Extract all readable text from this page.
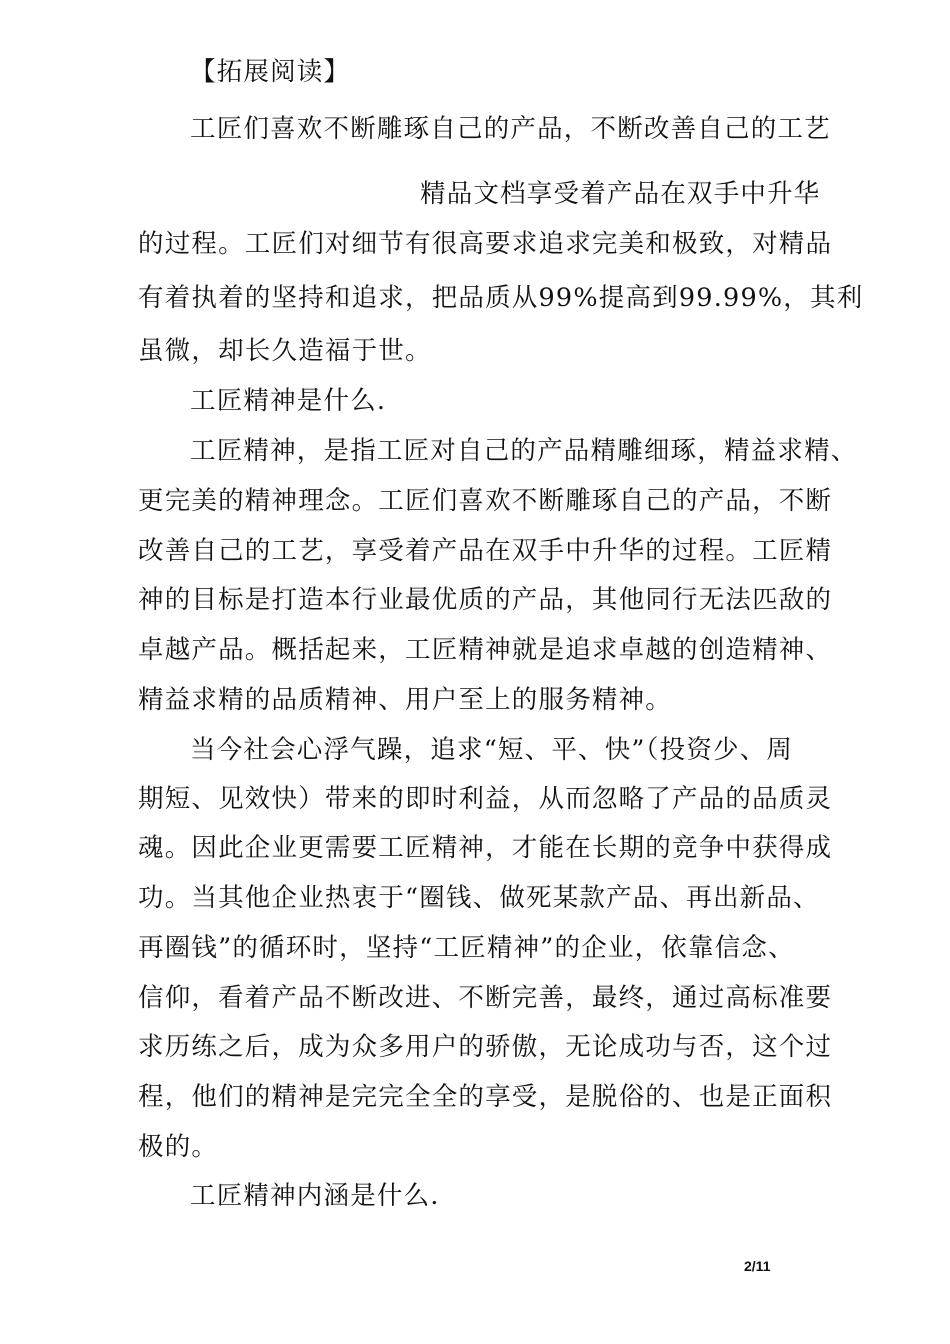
【拓展阅读】
工匠们喜欢不断雕琢自己的产品，不断改善自己的工艺
精品文档享受着产品在双手中升华
的过程。工匠们对细节有很高要求追求完美和极致，对精品
有着执着的坚持和追求，把品质从99%提高到99.99%，其利
虽微，却长久造福于世。
工匠精神是什么.
工匠精神，是指工匠对自己的产品精雕细琢，精益求精、
更完美的精神理念。工匠们喜欢不断雕琢自己的产品，不断
改善自己的工艺，享受着产品在双手中升华的过程。工匠精
神的目标是打造本行业最优质的产品，其他同行无法匹敌的
卓越产品。概括起来，工匠精神就是追求卓越的创造精神、
精益求精的品质精神、用户至上的服务精神。
当今社会心浮气躁，追求“短、平、快”（投资少、周
期短、见效快）带来的即时利益，从而忽略了产品的品质灵
魂。因此企业更需要工匠精神，才能在长期的竞争中获得成
功。当其他企业热衷于“圈钱、做死某款产品、再出新品、
再圈钱”的循环时，坚持“工匠精神”的企业，依靠信念、
信仰，看着产品不断改进、不断完善，最终，通过高标准要
求历练之后，成为众多用户的骄傲，无论成功与否，这个过
程，他们的精神是完完全全的享受，是脱俗的、也是正面积
极的。
工匠精神内涵是什么.
2/11
